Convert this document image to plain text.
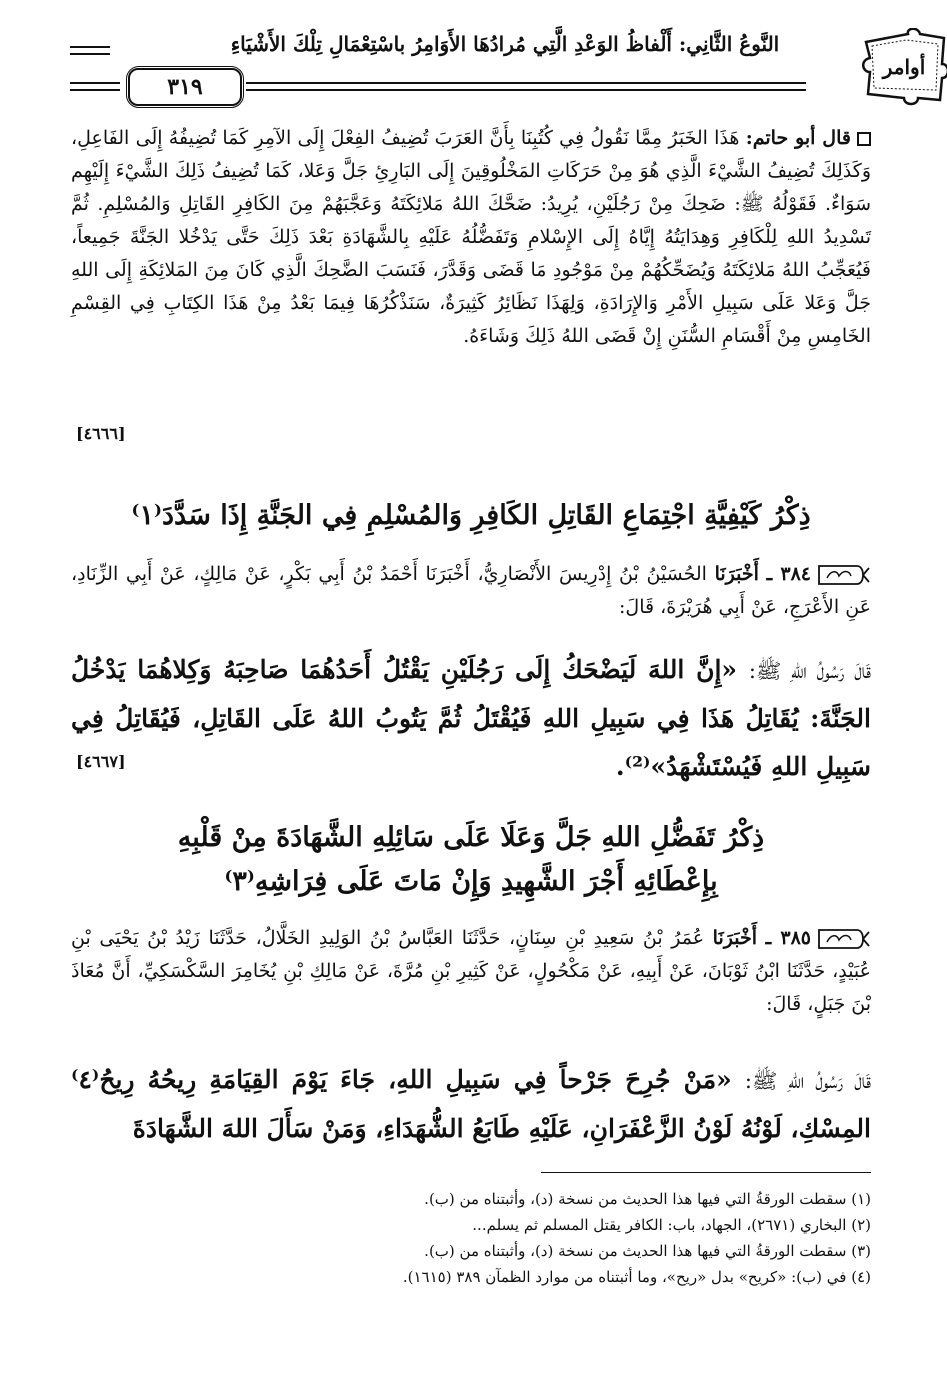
أوامر
النَّوعُ الثَّانِي: أَلْفاظُ الوَعْدِ الَّتِي مُرادُهَا الأَوَامِرُ باسْتِعْمَالِ تِلْكَ الأَشْيَاءِ
٣١٩
قال أبو حاتم: هَذَا الخَبَرُ مِمَّا نَقُولُ فِي كُتُبِنَا بِأَنَّ العَرَبَ تُضِيفُ الفِعْلَ إِلَى الآمِرِ كَمَا تُضِيفُهُ إِلَى الفَاعِلِ، وَكَذَلِكَ تُضِيفُ الشَّيْءَ الَّذِي هُوَ مِنْ حَرَكَاتِ المَخْلُوقِينَ إِلَى البَارِئِ جَلَّ وَعَلا، كَمَا تُضِيفُ ذَلِكَ الشَّيْءَ إِلَيْهِم سَوَاءٌ. فَقَوْلُهُ ﷺ: ضَحِكَ مِنْ رَجُلَيْنِ، يُرِيدُ: ضَحَّكَ اللهُ مَلائِكَتَهُ وَعَجَّبَهُمْ مِنَ الكَافِرِ القَاتِلِ وَالمُسْلِمِ. ثُمَّ تَسْدِيدُ اللهِ لِلْكَافِرِ وَهِدَايَتُهُ إِيَّاهُ إِلَى الإِسْلامِ وَتَفَضُّلُهُ عَلَيْهِ بِالشَّهَادَةِ بَعْدَ ذَلِكَ حَتَّى يَدْخُلا الجَنَّةَ جَمِيعاً، فَيُعَجِّبُ اللهُ مَلائِكَتَهُ وَيُضَحِّكُهُمْ مِنْ مَوْجُودِ مَا قَضَى وَقَدَّرَ، فَنَسَبَ الضَّحِكَ الَّذِي كَانَ مِنَ المَلائِكَةِ إِلَى اللهِ جَلَّ وَعَلا عَلَى سَبِيلِ الأَمْرِ وَالإِرَادَةِ، وَلِهَذَا نَظَائِرُ كَثِيرَةٌ، سَنَذْكُرُهَا فِيمَا بَعْدُ مِنْ هَذَا الكِتَابِ فِي القِسْمِ الخَامِسِ مِنْ أَقْسَامِ السُّنَنِ إِنْ قَضَى اللهُ ذَلِكَ وَشَاءَهُ.
[٤٦٦٦]
ذِكْرُ كَيْفِيَّةِ اجْتِمَاعِ القَاتِلِ الكَافِرِ وَالمُسْلِمِ فِي الجَنَّةِ إِذَا سَدَّدَ⁽١⁾
٣٨٤ ـ أَخْبَرَنَا الحُسَيْنُ بْنُ إِدْرِيسَ الأَنْصَارِيُّ، أَخْبَرَنَا أَحْمَدُ بْنُ أَبِي بَكْرٍ، عَنْ مَالِكٍ، عَنْ أَبِي الزِّنَادِ، عَنِ الأَعْرَجِ، عَنْ أَبِي هُرَيْرَةَ، قَالَ:
قَالَ رَسُولُ اللهِ ﷺ: «إِنَّ اللهَ لَيَضْحَكُ إِلَى رَجُلَيْنِ يَقْتُلُ أَحَدُهُمَا صَاحِبَهُ وَكِلاهُمَا يَدْخُلُ الجَنَّةَ: يُقَاتِلُ هَذَا فِي سَبِيلِ اللهِ فَيُقْتَلُ ثُمَّ يَتُوبُ اللهُ عَلَى القَاتِلِ، فَيُقَاتِلُ فِي سَبِيلِ اللهِ فَيُسْتَشْهَدُ»⁽²⁾.
[٤٦٦٧]
ذِكْرُ تَفَضُّلِ اللهِ جَلَّ وَعَلَا عَلَى سَائِلِهِ الشَّهَادَةَ مِنْ قَلْبِهِ
بِإِعْطَائِهِ أَجْرَ الشَّهِيدِ وَإِنْ مَاتَ عَلَى فِرَاشِهِ⁽٣⁾
٣٨٥ ـ أَخْبَرَنَا عُمَرُ بْنُ سَعِيدِ بْنِ سِنَانٍ، حَدَّثَنَا العَبَّاسُ بْنُ الوَلِيدِ الخَلَّالُ، حَدَّثَنَا زَيْدُ بْنُ يَحْيَى بْنِ عُبَيْدٍ، حَدَّثَنَا ابْنُ ثَوْبَانَ، عَنْ أَبِيهِ، عَنْ مَكْحُولٍ، عَنْ كَثِيرِ بْنِ مُرَّةَ، عَنْ مَالِكِ بْنِ يُخَامِرَ السَّكْسَكِيِّ، أَنَّ مُعَاذَ بْنَ جَبَلٍ، قَالَ:
قَالَ رَسُولُ اللهِ ﷺ: «مَنْ جُرِحَ جَرْحاً فِي سَبِيلِ اللهِ، جَاءَ يَوْمَ القِيَامَةِ رِيحُهُ رِيحُ⁽٤⁾ المِسْكِ، لَوْنُهُ لَوْنُ الزَّعْفَرَانِ، عَلَيْهِ طَابَعُ الشُّهَدَاءِ، وَمَنْ سَأَلَ اللهَ الشَّهَادَةَ
(١) سقطت الورقةُ التي فيها هذا الحديث من نسخة (د)، وأثبتناه من (ب).
(٢) البخاري (٢٦٧١)، الجهاد، باب: الكافر يقتل المسلم ثم يسلم...
(٣) سقطت الورقةُ التي فيها هذا الحديث من نسخة (د)، وأثبتناه من (ب).
(٤) في (ب): «كريح» بدل «ريح»، وما أثبتناه من موارد الظمآن ٣٨٩ (١٦١٥).
